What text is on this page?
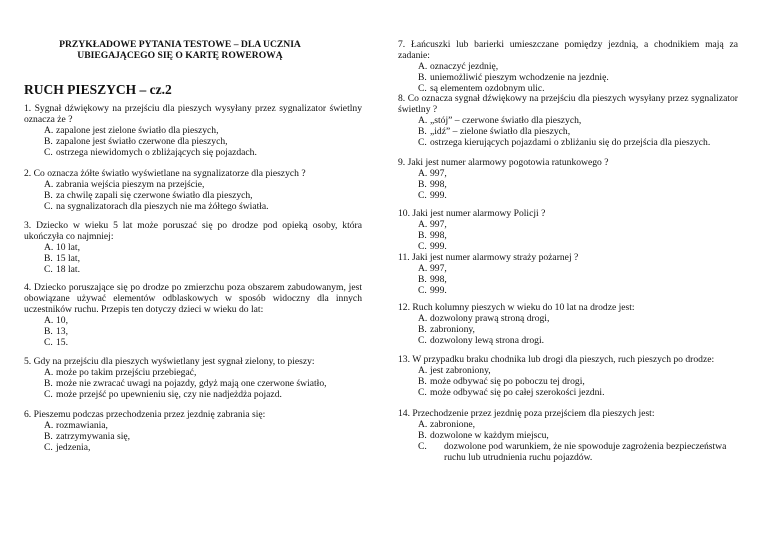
PRZYKŁADOWE PYTANIA TESTOWE – DLA UCZNIA
UBIEGAJĄCEGO SIĘ O KARTĘ ROWEROWĄ
RUCH PIESZYCH – cz.2
1. Sygnał dźwiękowy na przejściu dla pieszych wysyłany przez sygnalizator świetlny oznacza że ?
A. zapalone jest zielone światło dla pieszych,
B. zapalone jest światło czerwone dla pieszych,
C. ostrzega niewidomych o zbliżających się pojazdach.
2. Co oznacza żółte światło wyświetlane na sygnalizatorze dla pieszych ?
A. zabrania wejścia pieszym na przejście,
B. za chwilę zapali się czerwone światło dla pieszych,
C. na sygnalizatorach dla pieszych nie ma żółtego światła.
3. Dziecko w wieku 5 lat może poruszać się po drodze pod opieką osoby, która ukończyła co najmniej:
A. 10 lat,
B. 15 lat,
C. 18 lat.
4. Dziecko poruszające się po drodze po zmierzchu poza obszarem zabudowanym, jest obowiązane używać elementów odblaskowych w sposób widoczny dla innych uczestników ruchu. Przepis ten dotyczy dzieci w wieku do lat:
A. 10,
B. 13,
C. 15.
5. Gdy na przejściu dla pieszych wyświetlany jest sygnał zielony, to pieszy:
A. może po takim przejściu przebiegać,
B. może nie zwracać uwagi na pojazdy, gdyż mają one czerwone światło,
C. może przejść po upewnieniu się, czy nie nadjeżdża pojazd.
6. Pieszemu podczas przechodzenia przez jezdnię zabrania się:
A. rozmawiania,
B. zatrzymywania się,
C. jedzenia,
7. Łańcuszki lub barierki umieszczane pomiędzy jezdnią, a chodnikiem mają za zadanie:
A. oznaczyć jezdnię,
B. uniemożliwić pieszym wchodzenie na jezdnię.
C. są elementem ozdobnym ulic.
8. Co oznacza sygnał dźwiękowy na przejściu dla pieszych wysyłany przez sygnalizator świetlny ?
A. „stój” – czerwone światło dla pieszych,
B. „idź” – zielone światło dla pieszych,
C. ostrzega kierujących pojazdami o zbliżaniu się do przejścia dla pieszych.
9. Jaki jest numer alarmowy pogotowia ratunkowego ?
A. 997,
B. 998,
C. 999.
10. Jaki jest numer alarmowy Policji ?
A. 997,
B. 998,
C. 999.
11. Jaki jest numer alarmowy straży pożarnej ?
A. 997,
B. 998,
C. 999.
12. Ruch kolumny pieszych w wieku do 10 lat na drodze jest:
A. dozwolony prawą stroną drogi,
B. zabroniony,
C. dozwolony lewą strona drogi.
13. W przypadku braku chodnika lub drogi dla pieszych, ruch pieszych po drodze:
A. jest zabroniony,
B. może odbywać się po poboczu tej drogi,
C. może odbywać się po całej szerokości jezdni.
14. Przechodzenie przez jezdnię poza przejściem dla pieszych jest:
A. zabronione,
B. dozwolone w każdym miejscu,
C. dozwolone pod warunkiem, że nie spowoduje zagrożenia bezpieczeństwa ruchu lub utrudnienia ruchu pojazdów.
